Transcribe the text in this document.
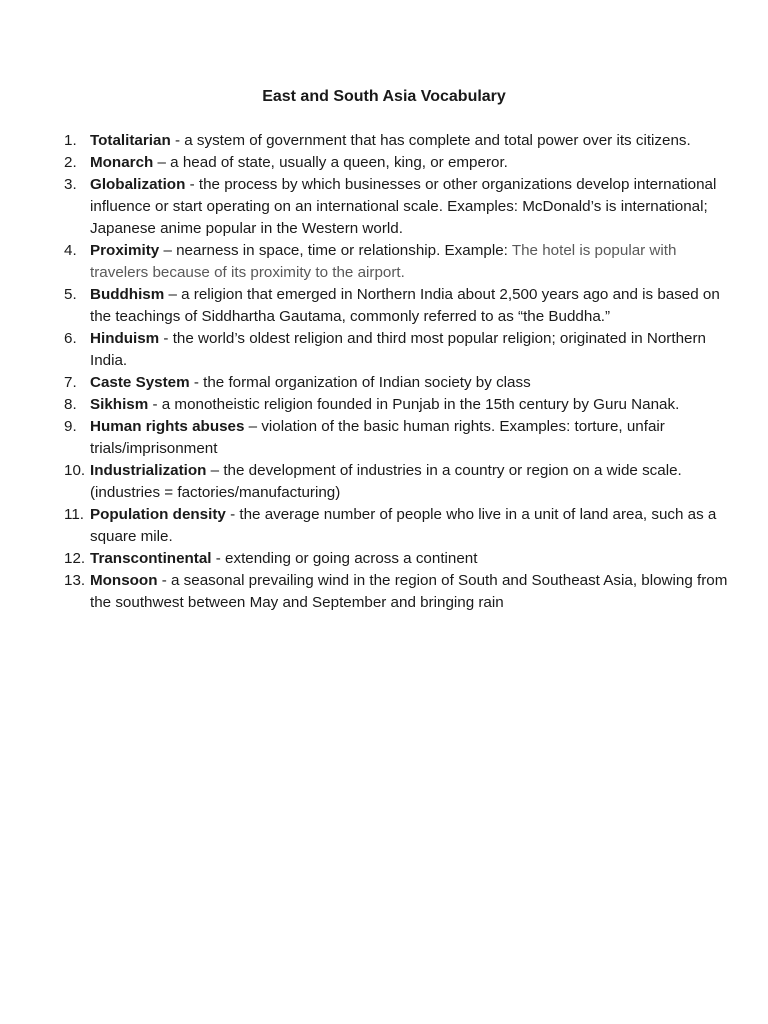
East and South Asia Vocabulary
1. Totalitarian - a system of government that has complete and total power over its citizens.
2. Monarch – a head of state, usually a queen, king, or emperor.
3. Globalization - the process by which businesses or other organizations develop international influence or start operating on an international scale. Examples: McDonald’s is international; Japanese anime popular in the Western world.
4. Proximity – nearness in space, time or relationship. Example: The hotel is popular with travelers because of its proximity to the airport.
5. Buddhism – a religion that emerged in Northern India about 2,500 years ago and is based on the teachings of Siddhartha Gautama, commonly referred to as “the Buddha.”
6. Hinduism - the world’s oldest religion and third most popular religion; originated in Northern India.
7. Caste System - the formal organization of Indian society by class
8. Sikhism - a monotheistic religion founded in Punjab in the 15th century by Guru Nanak.
9. Human rights abuses – violation of the basic human rights. Examples: torture, unfair trials/imprisonment
10. Industrialization – the development of industries in a country or region on a wide scale. (industries = factories/manufacturing)
11. Population density - the average number of people who live in a unit of land area, such as a square mile.
12. Transcontinental - extending or going across a continent
13. Monsoon - a seasonal prevailing wind in the region of South and Southeast Asia, blowing from the southwest between May and September and bringing rain
